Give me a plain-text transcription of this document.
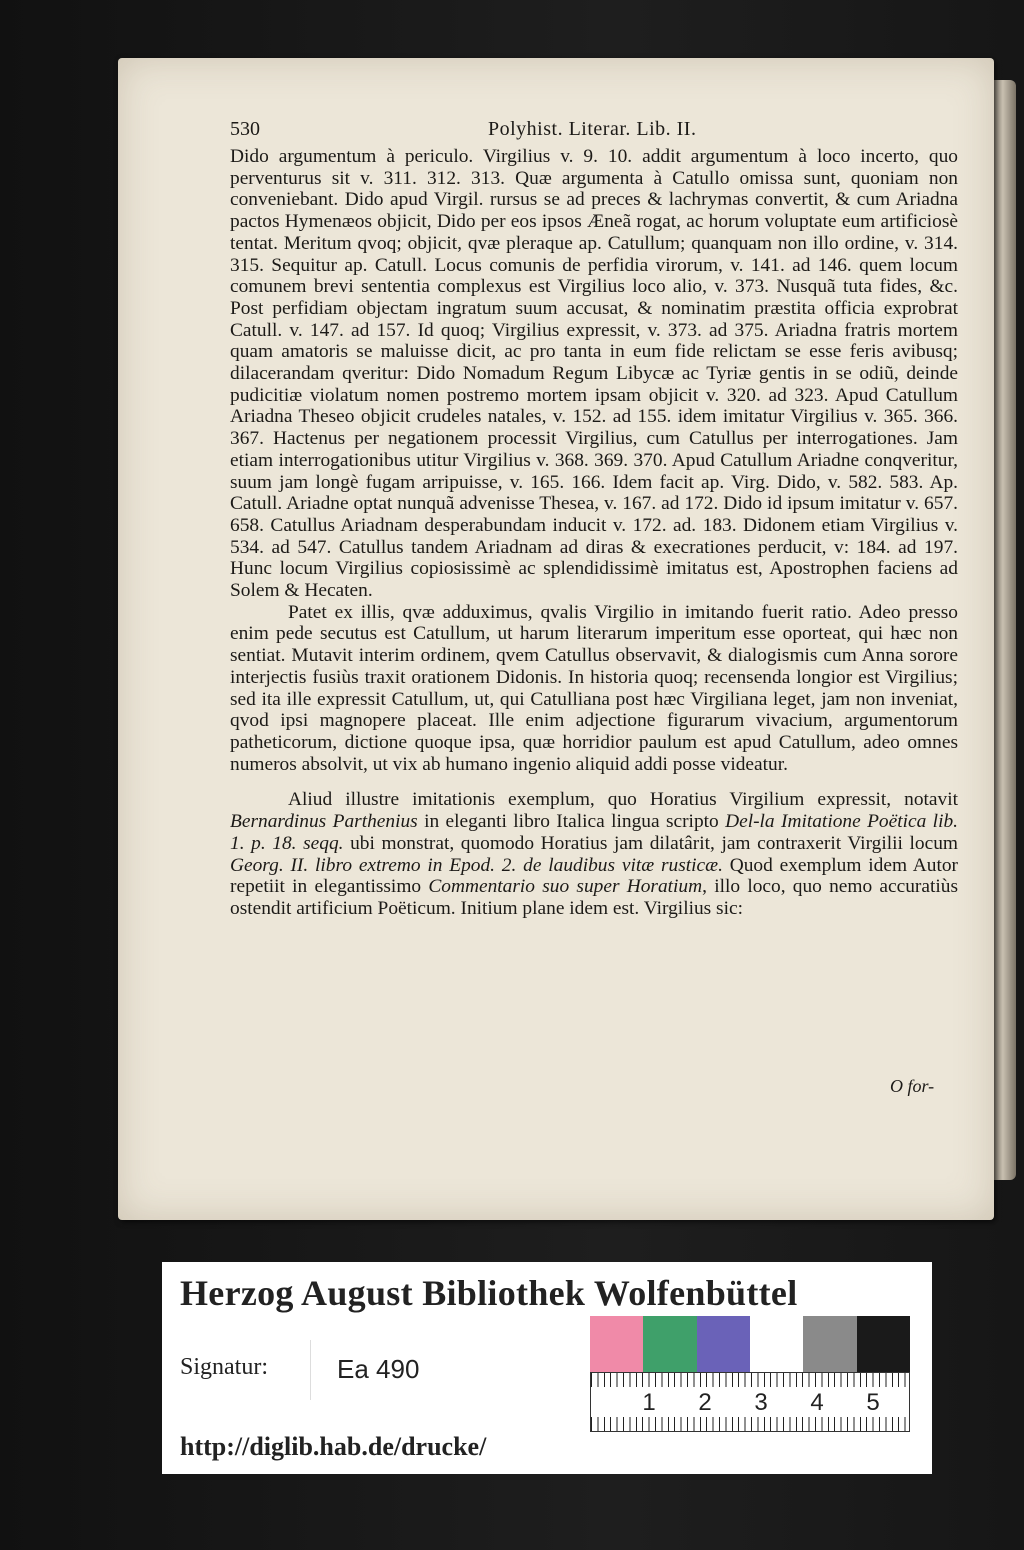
530	Polyhist. Literar. Lib. II.

Dido argumentum à periculo. Virgilius v. 9. 10. addit argumentum à loco incerto, quo perventurus sit v. 311. 312. 313. Quæ argumenta à Catullo omissa sunt, quoniam non conveniebant. Dido apud Virgil. rursus se ad preces & lachrymas convertit, & cum Ariadna pactos Hymenæos objicit, Dido per eos ipsos Æneã rogat, ac horum voluptate eum artificiosè tentat. Meritum qvoq; objicit, qvæ pleraque ap. Catullum; quanquam non illo ordine, v. 314. 315. Sequitur ap. Catull. Locus comunis de perfidia virorum, v. 141. ad 146. quem locum comunem brevi sententia complexus est Virgilius loco alio, v. 373. Nusquã tuta fides, &c. Post perfidiam objectam ingratum suum accusat, & nominatim præstita officia exprobrat Catull. v. 147. ad 157. Id quoq; Virgilius expressit, v. 373. ad 375. Ariadna fratris mortem quam amatoris se maluisse dicit, ac pro tanta in eum fide relictam se esse feris avibusq; dilacerandam qveritur: Dido Nomadum Regum Libycæ ac Tyriæ gentis in se odiũ, deinde pudicitiæ violatum nomen postremo mortem ipsam objicit v. 320. ad 323. Apud Catullum Ariadna Theseo objicit crudeles natales, v. 152. ad 155. idem imitatur Virgilius v. 365. 366. 367. Hactenus per negationem processit Virgilius, cum Catullus per interrogationes. Jam etiam interrogationibus utitur Virgilius v. 368. 369. 370. Apud Catullum Ariadne conqveritur, suum jam longè fugam arripuisse, v. 165. 166. Idem facit ap. Virg. Dido, v. 582. 583. Ap. Catull. Ariadne optat nunquã advenisse Thesea, v. 167. ad 172. Dido id ipsum imitatur v. 657. 658. Catullus Ariadnam desperabundam inducit v. 172. ad. 183. Didonem etiam Virgilius v. 534. ad 547. Catullus tandem Ariadnam ad diras & execrationes perducit, v: 184. ad 197. Hunc locum Virgilius copiosissimè ac splendidissimè imitatus est, Apostrophen faciens ad Solem & Hecaten.

Patet ex illis, qvæ adduximus, qvalis Virgilio in imitando fuerit ratio. Adeo presso enim pede secutus est Catullum, ut harum literarum imperitum esse oporteat, qui hæc non sentiat. Mutavit interim ordinem, qvem Catullus observavit, & dialogismis cum Anna sorore interjectis fusiùs traxit orationem Didonis. In historia quoq; recensenda longior est Virgilius; sed ita ille expressit Catullum, ut, qui Catulliana post hæc Virgiliana leget, jam non inveniat, qvod ipsi magnopere placeat. Ille enim adjectione figurarum vivacium, argumentorum patheticorum, dictione quoque ipsa, quæ horridior paulum est apud Catullum, adeo omnes numeros absolvit, ut vix ab humano ingenio aliquid addi posse videatur.

Aliud illustre imitationis exemplum, quo Horatius Virgilium expressit, notavit Bernardinus Parthenius in eleganti libro Italica lingua scripto Del-la Imitatione Poëtica lib. 1. p. 18. seqq. ubi monstrat, quomodo Horatius jam dilatârit, jam contraxerit Virgilii locum Georg. II. libro extremo in Epod. 2. de laudibus vitæ rusticæ. Quod exemplum idem Autor repetiit in elegantissimo Commentario suo super Horatium, illo loco, quo nemo accuratiùs ostendit artificium Poëticum. Initium plane idem est. Virgilius sic:

O for-
Herzog August Bibliothek Wolfenbüttel
Signatur:	Ea 490
http://diglib.hab.de/drucke/
1 2 3 4 5
